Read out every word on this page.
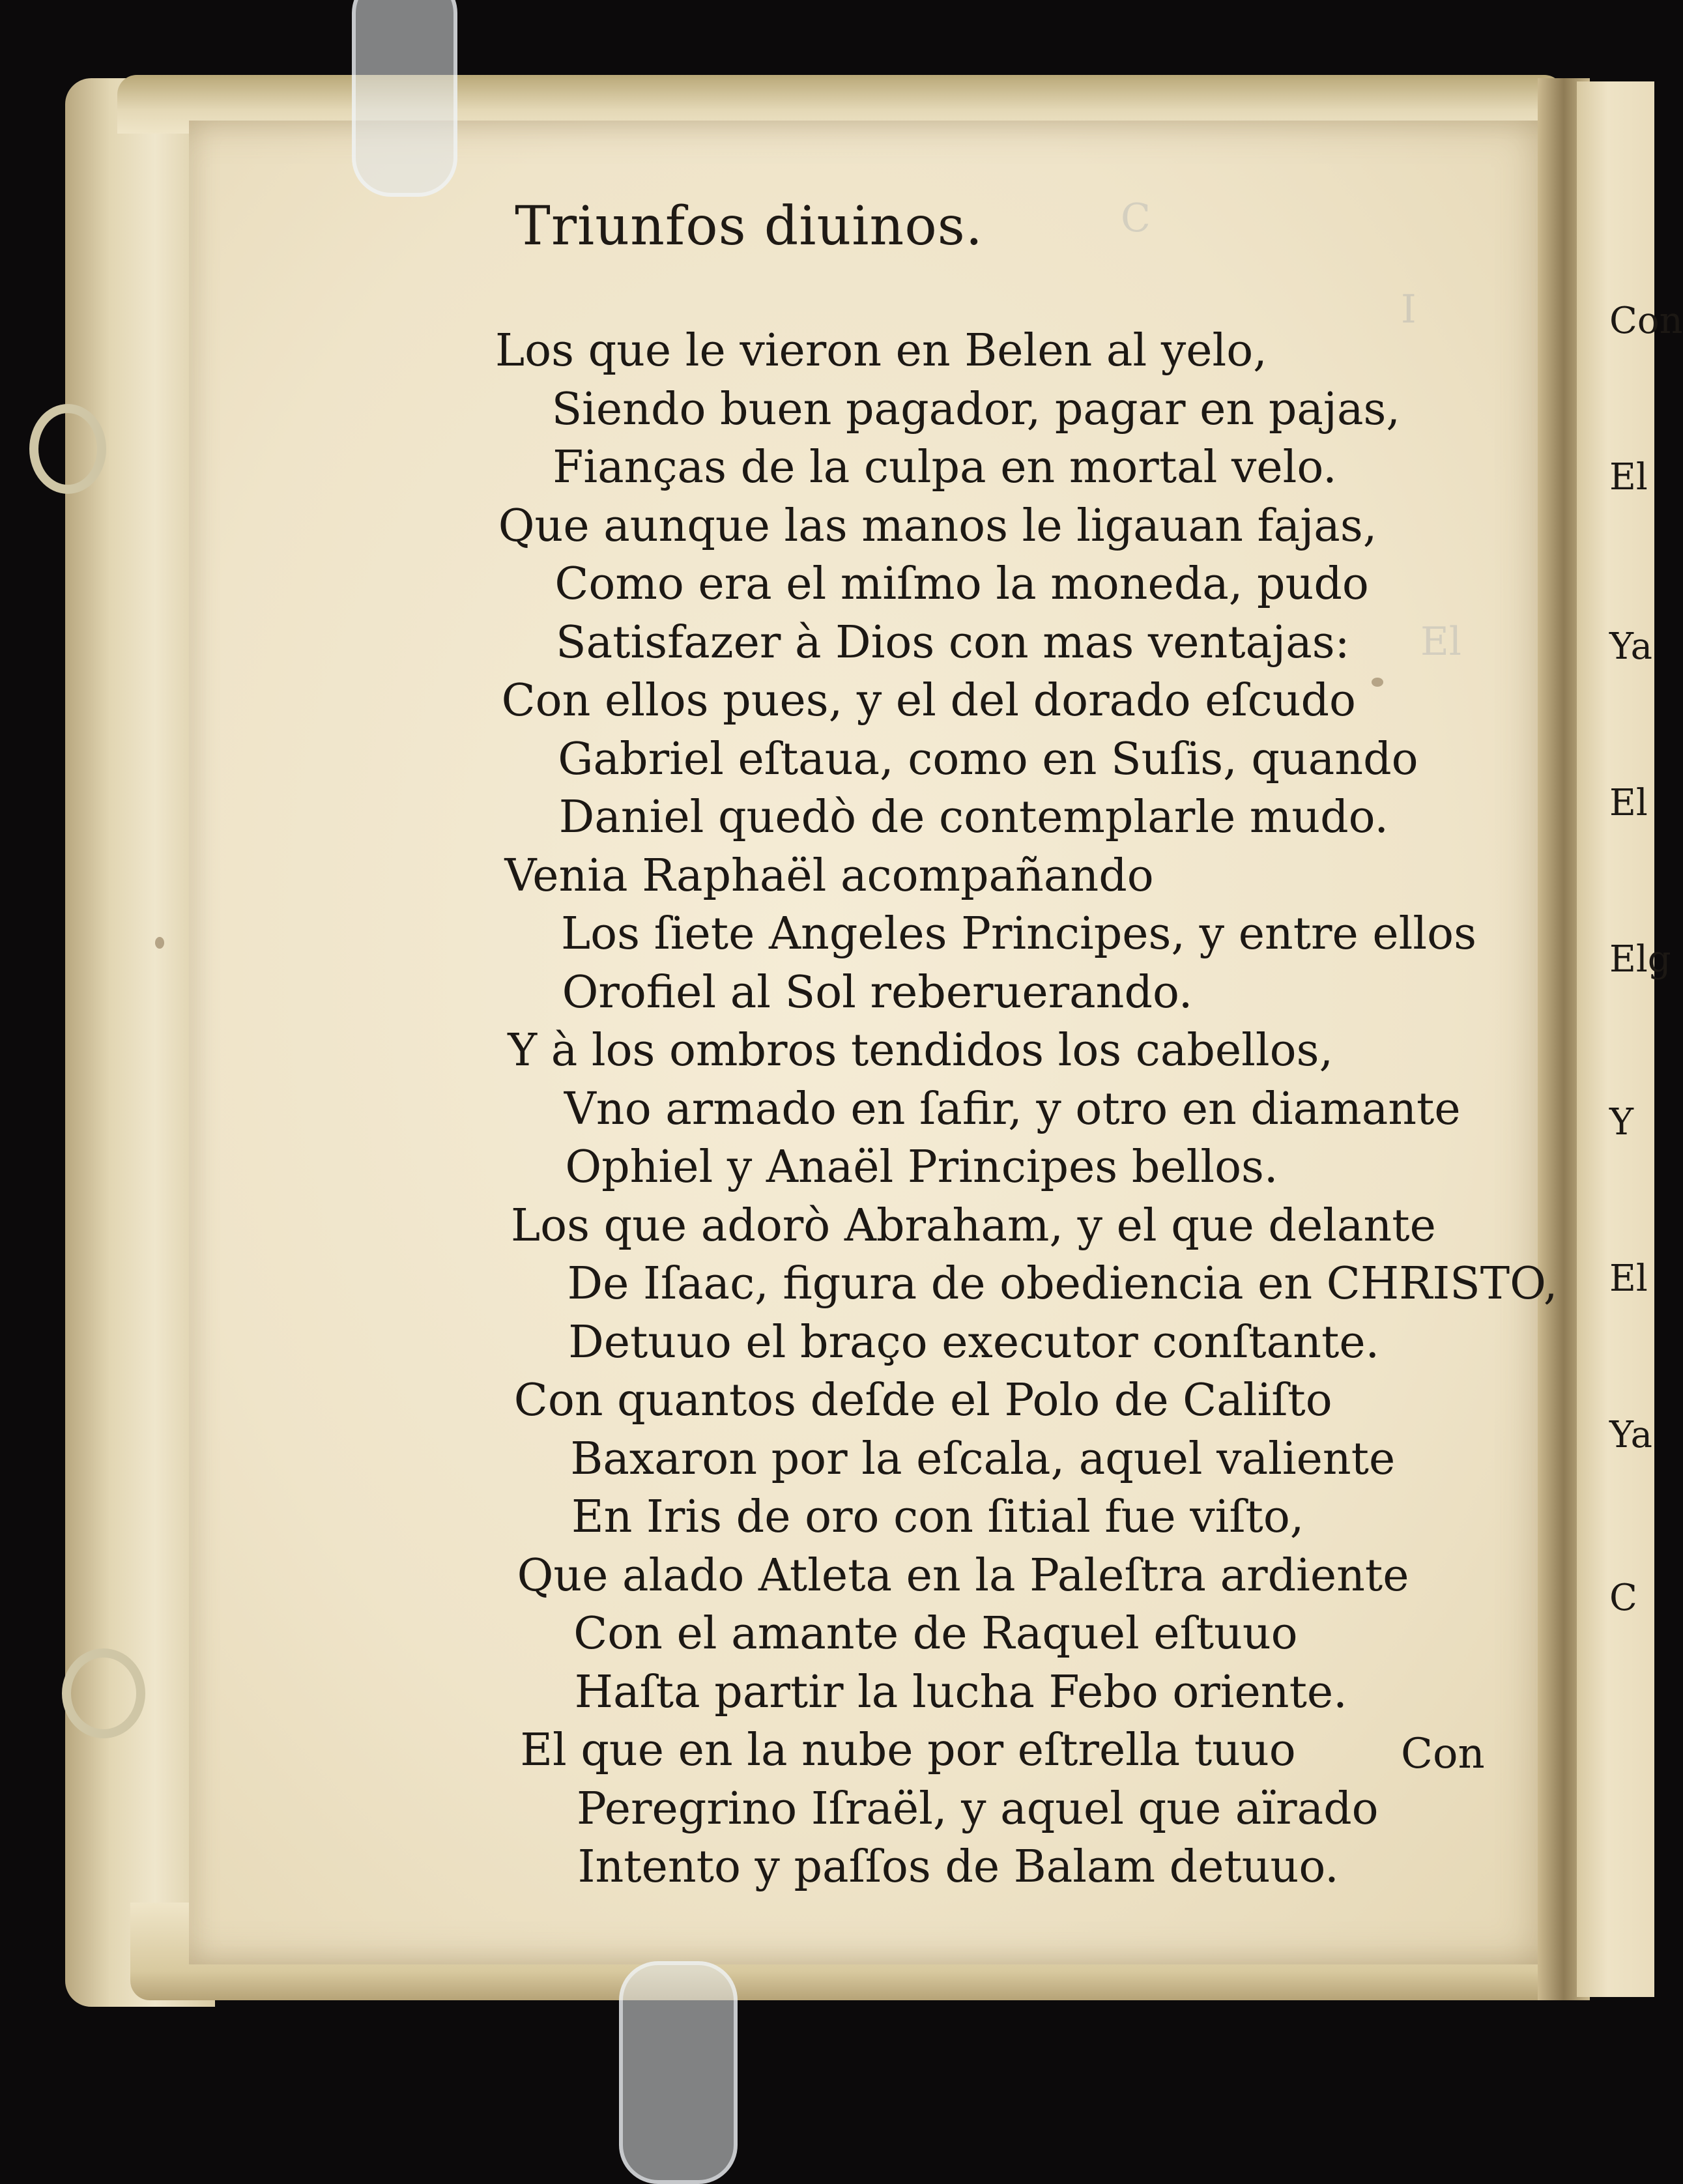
C
I
El
Triunfos diuinos.
Los que le vieron en Belen al yelo,
Siendo buen pagador, pagar en pajas,
Fianças de la culpa en mortal velo.
Que aunque las manos le ligauan fajas,
Como era el miſmo la moneda, pudo
Satisfazer à Dios con mas ventajas:
Con ellos pues, y el del dorado eſcudo
Gabriel eſtaua, como en Suſis, quando
Daniel quedò de contemplarle mudo.
Venia Raphaël acompañando
Los ſiete Angeles Principes, y entre ellos
Orofiel al Sol reberuerando.
Y à los ombros tendidos los cabellos,
Vno armado en ſafir, y otro en diamante
Ophiel y Anaël Principes bellos.
Los que adorò Abraham, y el que delante
De Iſaac, figura de obediencia en CHRISTO,
Detuuo el braço executor conſtante.
Con quantos deſde el Polo de Caliſto
Baxaron por la eſcala, aquel valiente
En Iris de oro con ſitial fue viſto,
Que alado Atleta en la Paleſtra ardiente
Con el amante de Raquel eſtuuo
Haſta partir la lucha Febo oriente.
El que en la nube por eſtrella tuuo
Peregrino Iſraël, y aquel que aïrado
Intento y paſſos de Balam detuuo.
Con
Con
El
Ya
El
Elg
Y
El
Ya
C
